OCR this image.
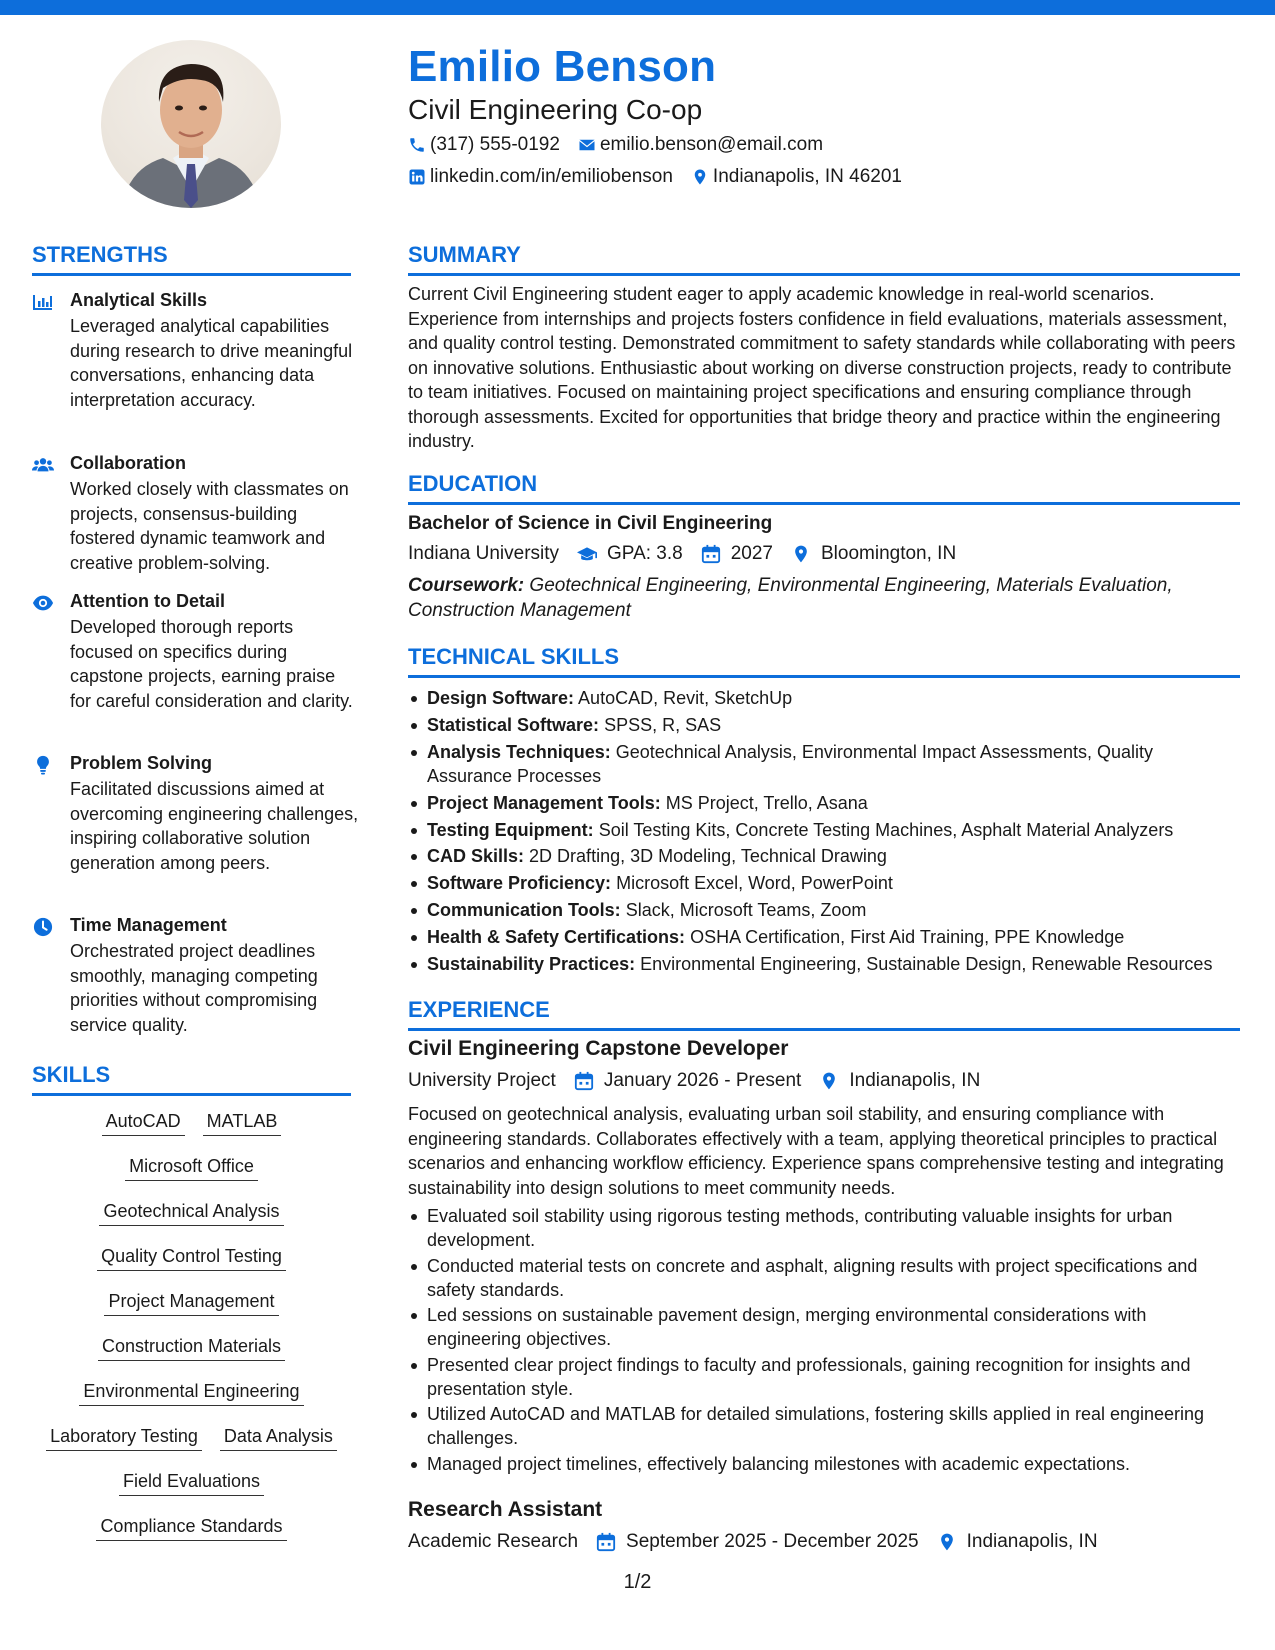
Emilio Benson
Civil Engineering Co-op
(317) 555-0192 emilio.benson@email.com
linkedin.com/in/emiliobenson Indianapolis, IN 46201
STRENGTHS
Analytical Skills
Leveraged analytical capabilities during research to drive meaningful conversations, enhancing data interpretation accuracy.
Collaboration
Worked closely with classmates on projects, consensus-building fostered dynamic teamwork and creative problem-solving.
Attention to Detail
Developed thorough reports focused on specifics during capstone projects, earning praise for careful consideration and clarity.
Problem Solving
Facilitated discussions aimed at overcoming engineering challenges, inspiring collaborative solution generation among peers.
Time Management
Orchestrated project deadlines smoothly, managing competing priorities without compromising service quality.
SKILLS
AutoCAD MATLAB
Microsoft Office
Geotechnical Analysis
Quality Control Testing
Project Management
Construction Materials
Environmental Engineering
Laboratory Testing Data Analysis
Field Evaluations
Compliance Standards
SUMMARY
Current Civil Engineering student eager to apply academic knowledge in real-world scenarios. Experience from internships and projects fosters confidence in field evaluations, materials assessment, and quality control testing. Demonstrated commitment to safety standards while collaborating with peers on innovative solutions. Enthusiastic about working on diverse construction projects, ready to contribute to team initiatives. Focused on maintaining project specifications and ensuring compliance through thorough assessments. Excited for opportunities that bridge theory and practice within the engineering industry.
EDUCATION
Bachelor of Science in Civil Engineering
Indiana University	GPA: 3.8	2027	Bloomington, IN
Coursework: Geotechnical Engineering, Environmental Engineering, Materials Evaluation, Construction Management
TECHNICAL SKILLS
Design Software: AutoCAD, Revit, SketchUp
Statistical Software: SPSS, R, SAS
Analysis Techniques: Geotechnical Analysis, Environmental Impact Assessments, Quality Assurance Processes
Project Management Tools: MS Project, Trello, Asana
Testing Equipment: Soil Testing Kits, Concrete Testing Machines, Asphalt Material Analyzers
CAD Skills: 2D Drafting, 3D Modeling, Technical Drawing
Software Proficiency: Microsoft Excel, Word, PowerPoint
Communication Tools: Slack, Microsoft Teams, Zoom
Health & Safety Certifications: OSHA Certification, First Aid Training, PPE Knowledge
Sustainability Practices: Environmental Engineering, Sustainable Design, Renewable Resources
EXPERIENCE
Civil Engineering Capstone Developer
University Project	January 2026 - Present	Indianapolis, IN
Focused on geotechnical analysis, evaluating urban soil stability, and ensuring compliance with engineering standards. Collaborates effectively with a team, applying theoretical principles to practical scenarios and enhancing workflow efficiency. Experience spans comprehensive testing and integrating sustainability into design solutions to meet community needs.
Evaluated soil stability using rigorous testing methods, contributing valuable insights for urban development.
Conducted material tests on concrete and asphalt, aligning results with project specifications and safety standards.
Led sessions on sustainable pavement design, merging environmental considerations with engineering objectives.
Presented clear project findings to faculty and professionals, gaining recognition for insights and presentation style.
Utilized AutoCAD and MATLAB for detailed simulations, fostering skills applied in real engineering challenges.
Managed project timelines, effectively balancing milestones with academic expectations.
Research Assistant
Academic Research	September 2025 - December 2025	Indianapolis, IN
1/2
